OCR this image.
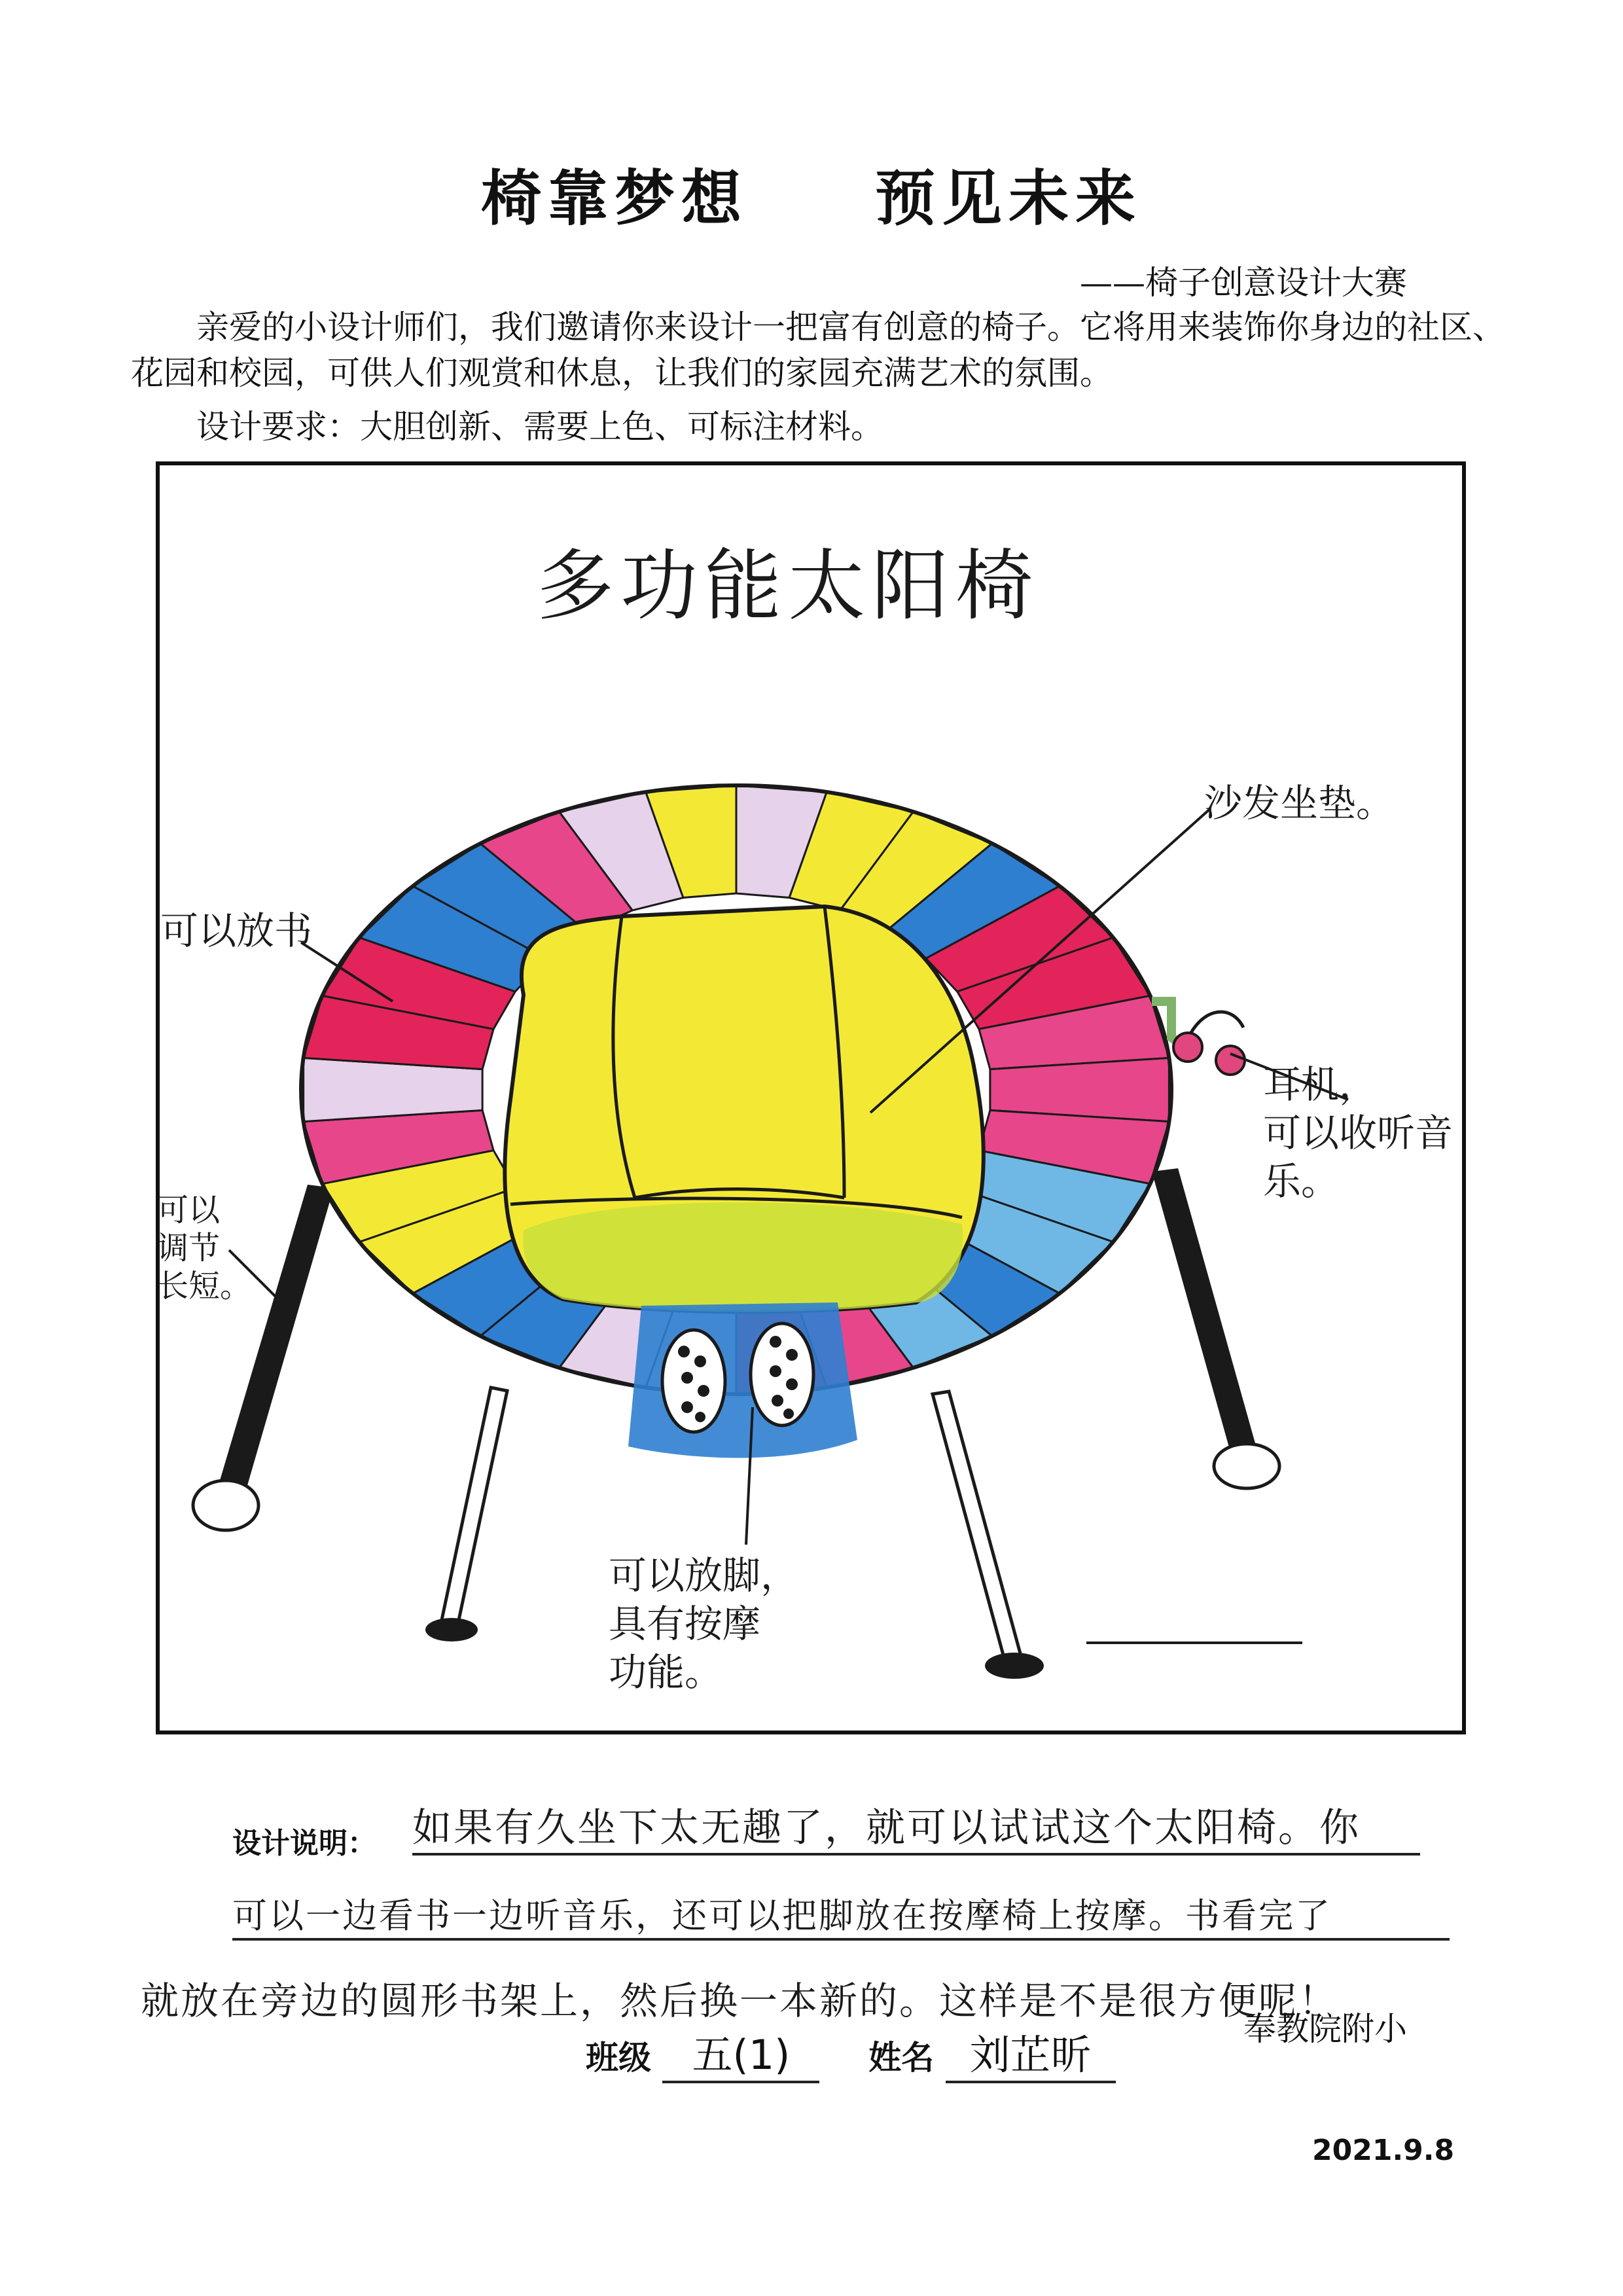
椅靠梦想 预见未来
——椅子创意设计大赛
亲爱的小设计师们，我们邀请你来设计一把富有创意的椅子。它将用来装饰你身边的社区、花园和校园，可供人们观赏和休息，让我们的家园充满艺术的氛围。
设计要求：大胆创新、需要上色、可标注材料。
多功能太阳椅
可以放书
沙发坐垫。
耳机，
可以收听音
乐。
可以
调节
长短。
可以放脚，
具有按摩
功能。
设计说明： 如果有久坐下太无趣了，就可以试试这个太阳椅。你
可以一边看书一边听音乐，还可以把脚放在按摩椅上按摩。书看完了
就放在旁边的圆形书架上，然后换一本新的。这样是不是很方便呢！
班级 五(1) 姓名 刘芷昕
奉教院附小
2021.9.8
